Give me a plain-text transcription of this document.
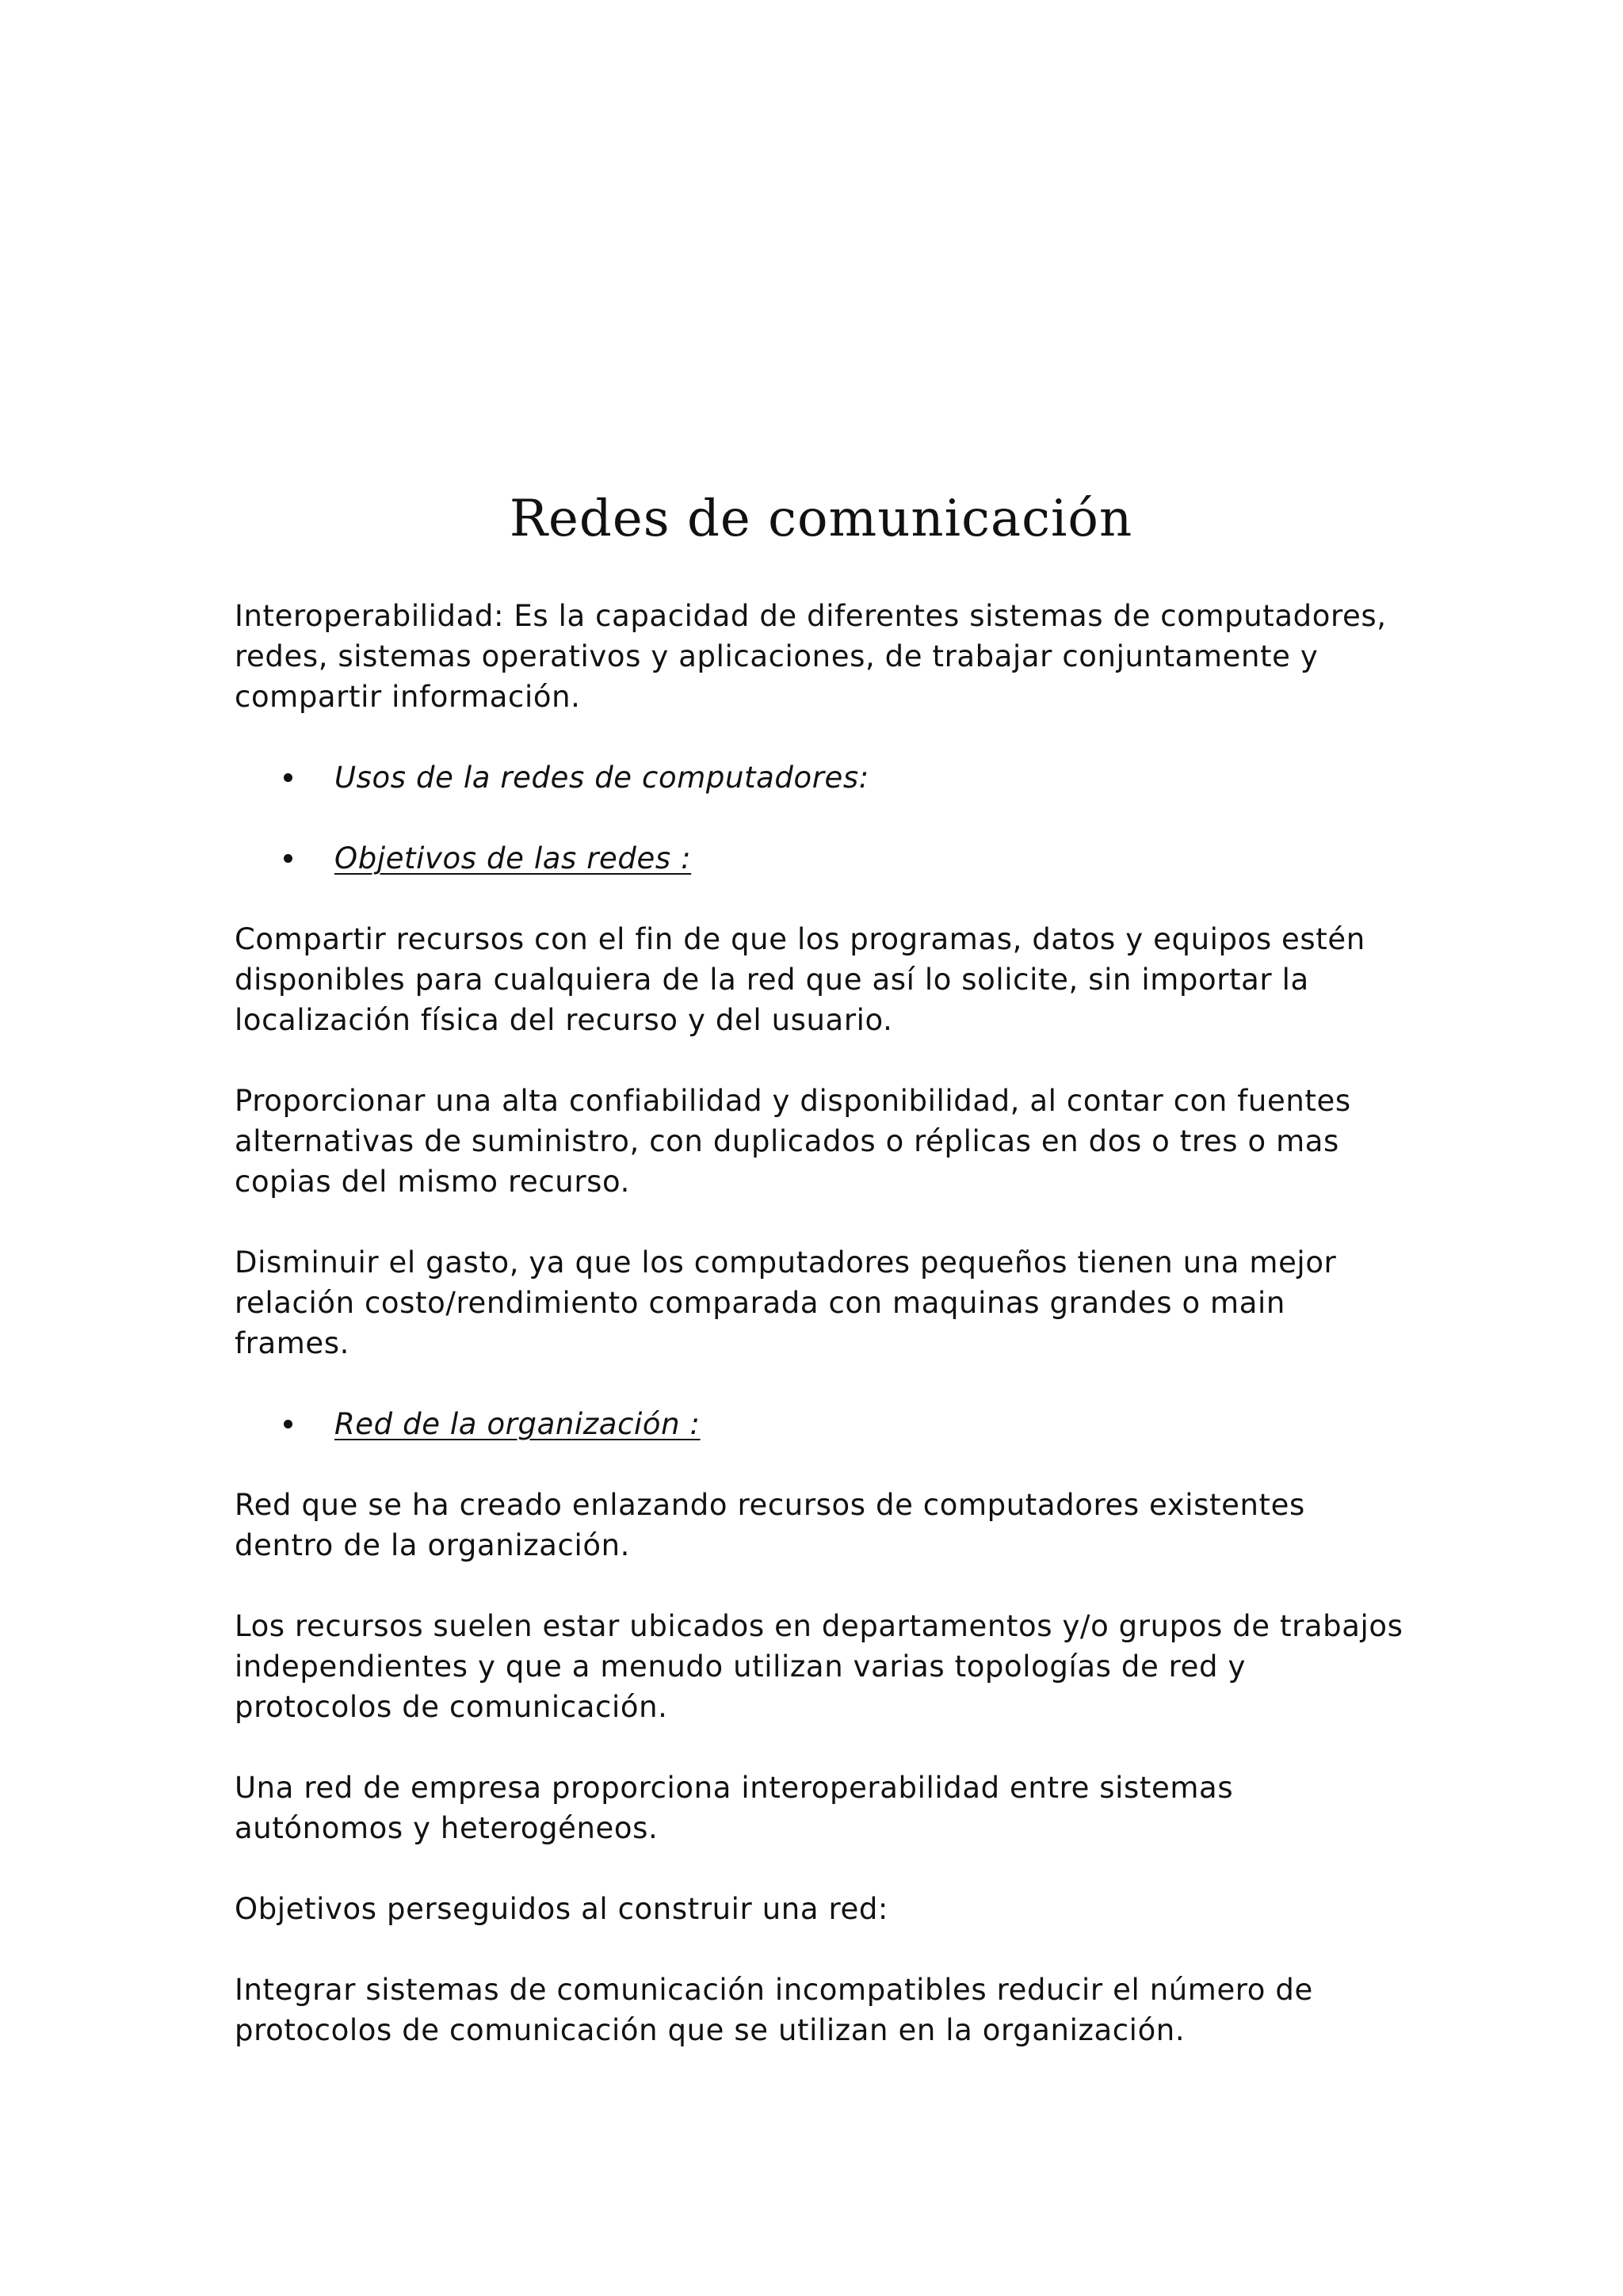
Redes de comunicación

Interoperabilidad: Es la capacidad de diferentes sistemas de computadores, redes, sistemas operativos y aplicaciones, de trabajar conjuntamente y compartir información.

Usos de la redes de computadores:
Objetivos de las redes :

Compartir recursos con el fin de que los programas, datos y equipos estén disponibles para cualquiera de la red que así lo solicite, sin importar la localización física del recurso y del usuario.

Proporcionar una alta confiabilidad y disponibilidad, al contar con fuentes alternativas de suministro, con duplicados o réplicas en dos o tres o mas copias del mismo recurso.

Disminuir el gasto, ya que los computadores pequeños tienen una mejor relación costo/rendimiento comparada con maquinas grandes o main frames.

Red de la organización :

Red que se ha creado enlazando recursos de computadores existentes dentro de la organización.

Los recursos suelen estar ubicados en departamentos y/o grupos de trabajos independientes y que a menudo utilizan varias topologías de red y protocolos de comunicación.

Una red de empresa proporciona interoperabilidad entre sistemas autónomos y heterogéneos.

Objetivos perseguidos al construir una red:

Integrar sistemas de comunicación incompatibles reducir el número de protocolos de comunicación que se utilizan en la organización.
